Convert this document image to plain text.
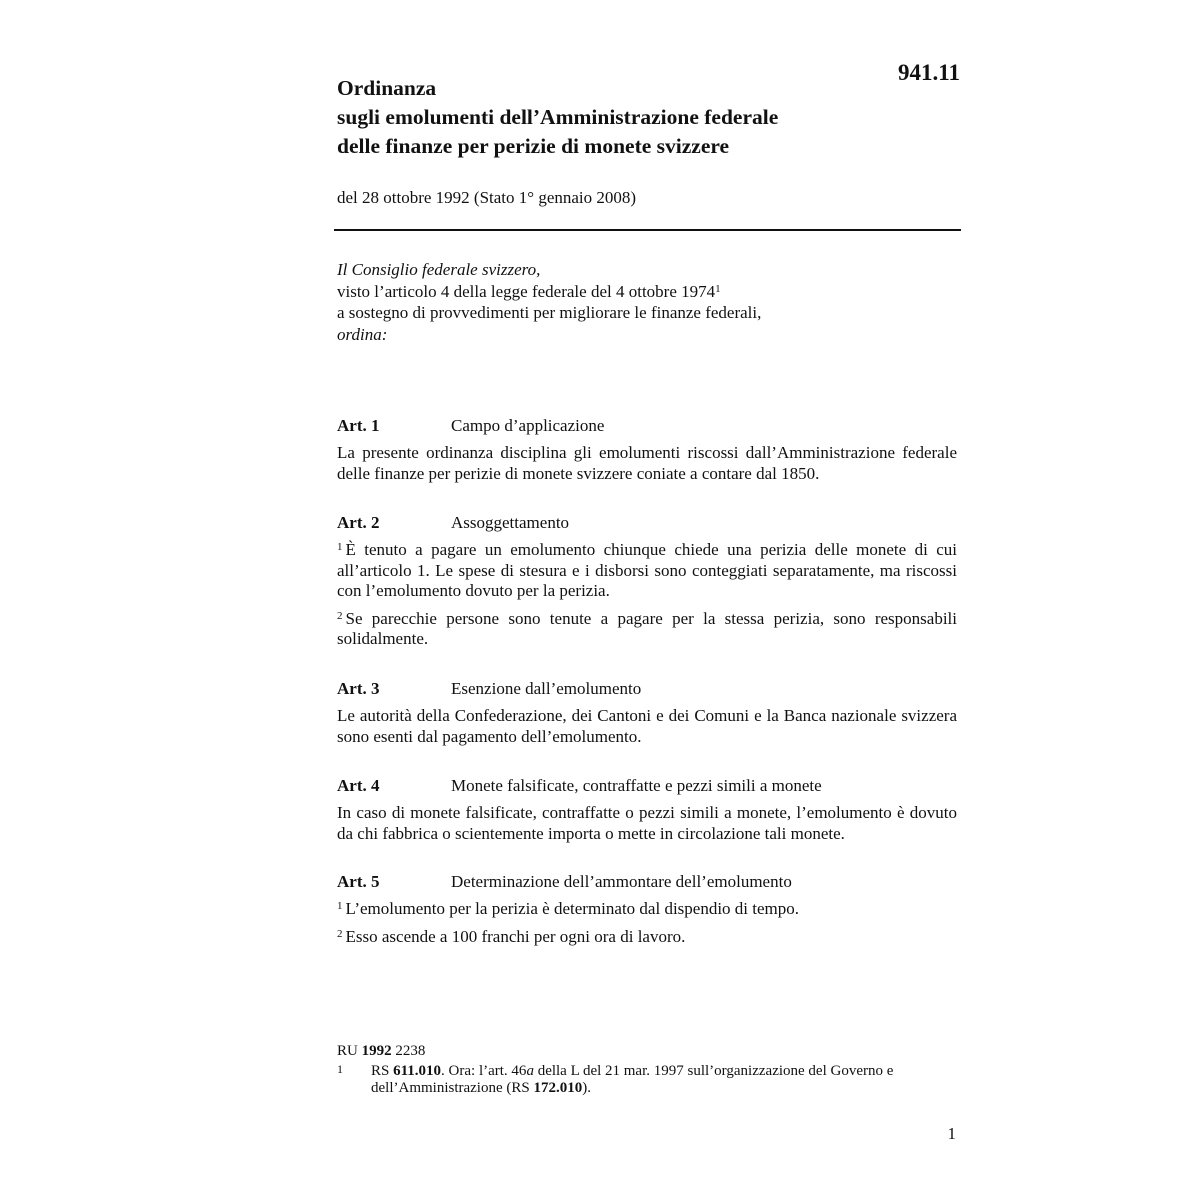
941.11
Ordinanza
sugli emolumenti dell’Amministrazione federale
delle finanze per perizie di monete svizzere
del 28 ottobre 1992 (Stato 1° gennaio 2008)
Il Consiglio federale svizzero,
visto l’articolo 4 della legge federale del 4 ottobre 1974$^1$
a sostegno di provvedimenti per migliorare le finanze federali,
ordina:
Art. 1	Campo d’applicazione
La presente ordinanza disciplina gli emolumenti riscossi dall’Amministrazione federale delle finanze per perizie di monete svizzere coniate a contare dal 1850.
Art. 2	Assoggettamento
$^1$ È tenuto a pagare un emolumento chiunque chiede una perizia delle monete di cui all’articolo 1. Le spese di stesura e i disborsi sono conteggiati separatamente, ma riscossi con l’emolumento dovuto per la perizia.
$^2$ Se parecchie persone sono tenute a pagare per la stessa perizia, sono responsabili solidalmente.
Art. 3	Esenzione dall’emolumento
Le autorità della Confederazione, dei Cantoni e dei Comuni e la Banca nazionale svizzera sono esenti dal pagamento dell’emolumento.
Art. 4	Monete falsificate, contraffatte e pezzi simili a monete
In caso di monete falsificate, contraffatte o pezzi simili a monete, l’emolumento è dovuto da chi fabbrica o scientemente importa o mette in circolazione tali monete.
Art. 5	Determinazione dell’ammontare dell’emolumento
$^1$ L’emolumento per la perizia è determinato dal dispendio di tempo.
$^2$ Esso ascende a 100 franchi per ogni ora di lavoro.
RU 1992 2238
1 RS 611.010. Ora: l’art. 46a della L del 21 mar. 1997 sull’organizzazione del Governo e dell’Amministrazione (RS 172.010).
1
